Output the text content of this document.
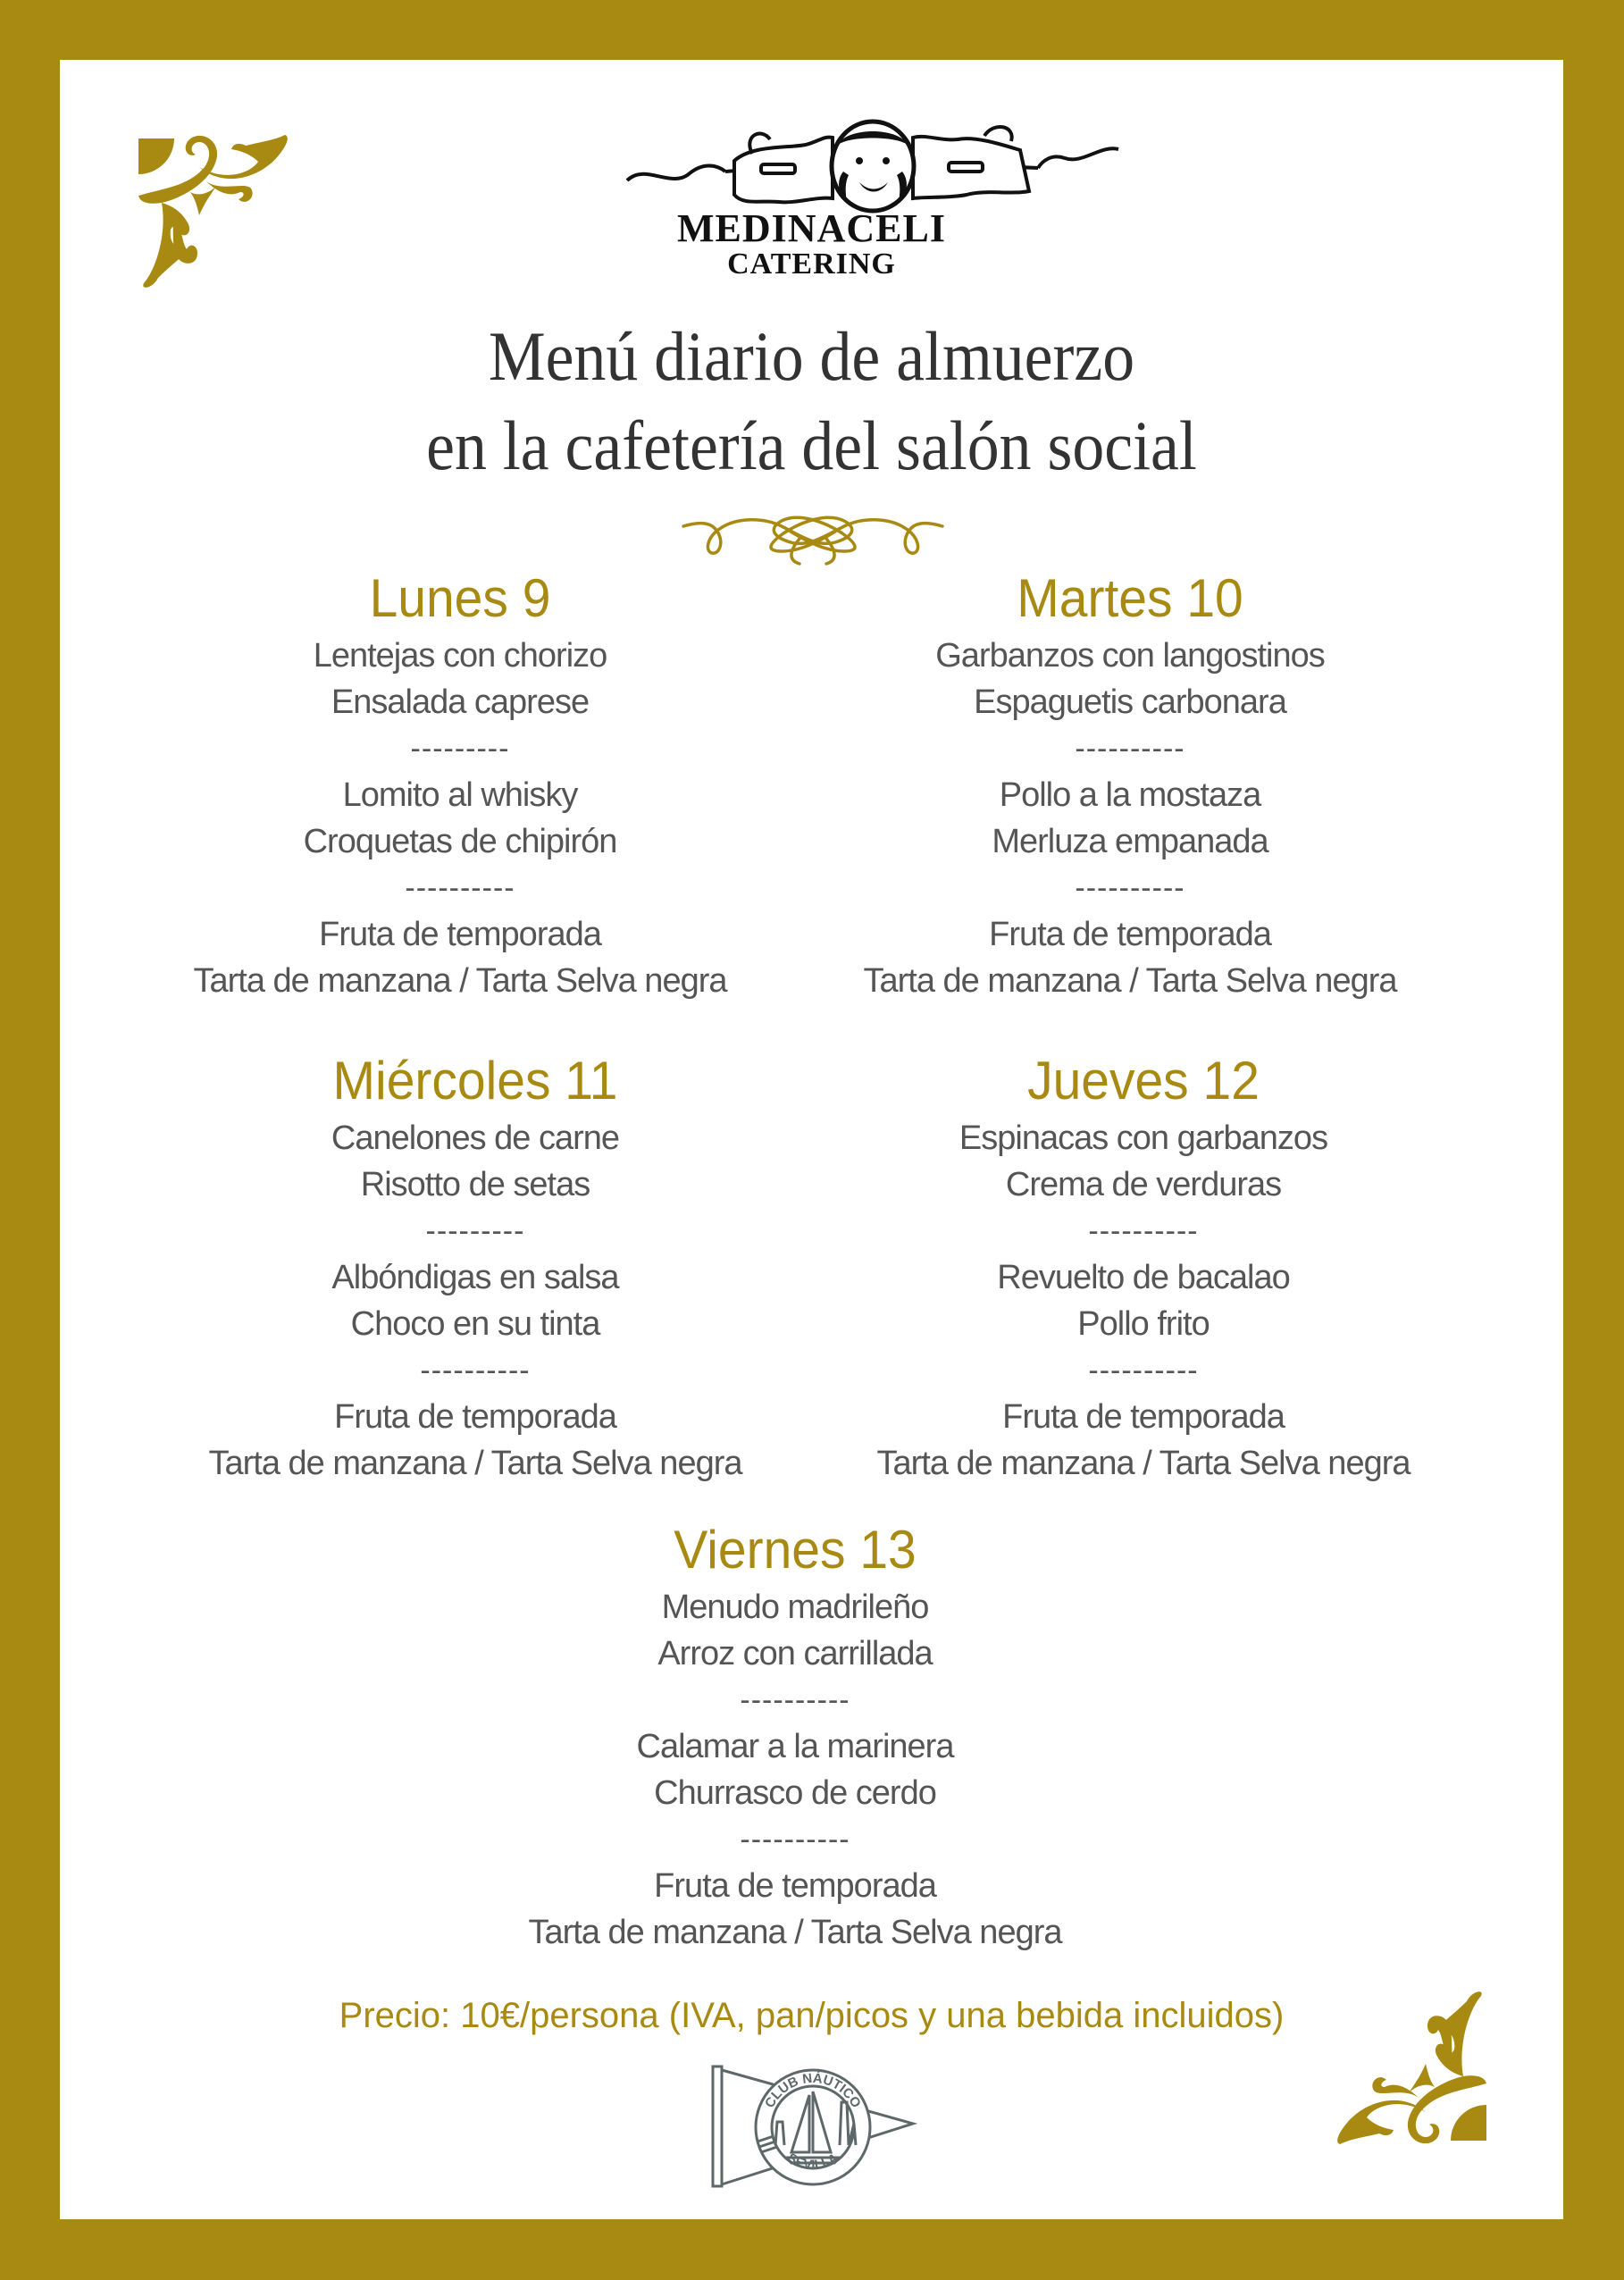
MEDINACELI
CATERING
Menú diario de almuerzo
en la cafetería del salón social
Lunes 9
Lentejas con chorizo
Ensalada caprese
---------
Lomito al whisky
Croquetas de chipirón
----------
Fruta de temporada
Tarta de manzana / Tarta Selva negra
Martes 10
Garbanzos con langostinos
Espaguetis carbonara
----------
Pollo a la mostaza
Merluza empanada
----------
Fruta de temporada
Tarta de manzana / Tarta Selva negra
Miércoles 11
Canelones de carne
Risotto de setas
---------
Albóndigas en salsa
Choco en su tinta
----------
Fruta de temporada
Tarta de manzana / Tarta Selva negra
Jueves 12
Espinacas con garbanzos
Crema de verduras
----------
Revuelto de bacalao
Pollo frito
----------
Fruta de temporada
Tarta de manzana / Tarta Selva negra
Viernes 13
Menudo madrileño
Arroz con carrillada
----------
Calamar a la marinera
Churrasco de cerdo
----------
Fruta de temporada
Tarta de manzana / Tarta Selva negra
Precio: 10€/persona (IVA, pan/picos y una bebida incluidos)
CLUB NÁUTICO
SEVILLA
